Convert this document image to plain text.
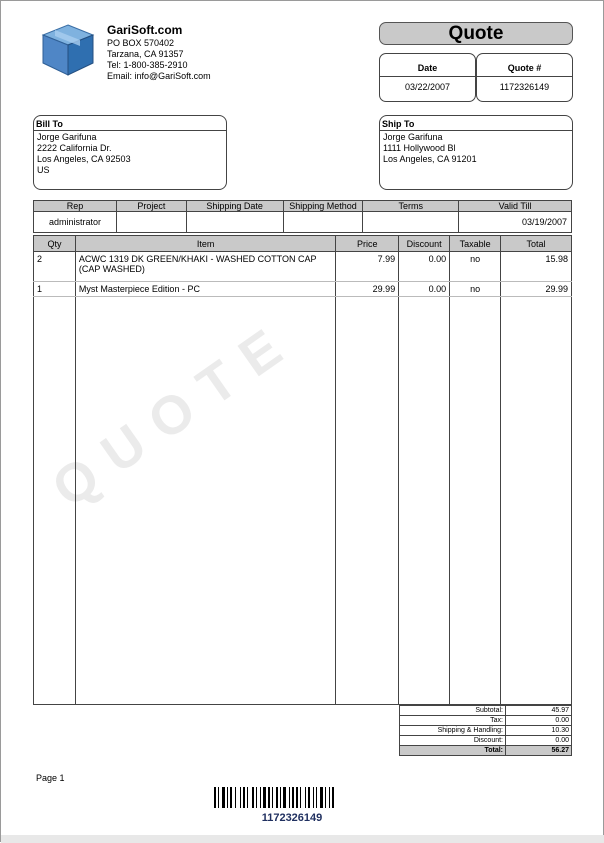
GariSoft.com
PO BOX 570402
Tarzana, CA 91357
Tel: 1-800-385-2910
Email: info@GariSoft.com
Quote
Date
03/22/2007
Quote #
1172326149
Bill To
Jorge Garifuna
2222 California Dr.
Los Angeles, CA 92503
US
Ship To
Jorge Garifuna
1111 Hollywood Bl
Los Angeles, CA 91201
Rep	Project	Shipping Date	Shipping Method	Terms	Valid Till
administrator					03/19/2007
QUOTE
Qty	Item	Price	Discount	Taxable	Total
2	ACWC 1319 DK GREEN/KHAKI - WASHED COTTON CAP (CAP WASHED)	7.99	0.00	no	15.98
1	Myst Masterpiece Edition - PC	29.99	0.00	no	29.99

Subtotal:	45.97
Tax:	0.00
Shipping & Handling:	10.30
Discount:	0.00
Total:	56.27
Page 1
1172326149
